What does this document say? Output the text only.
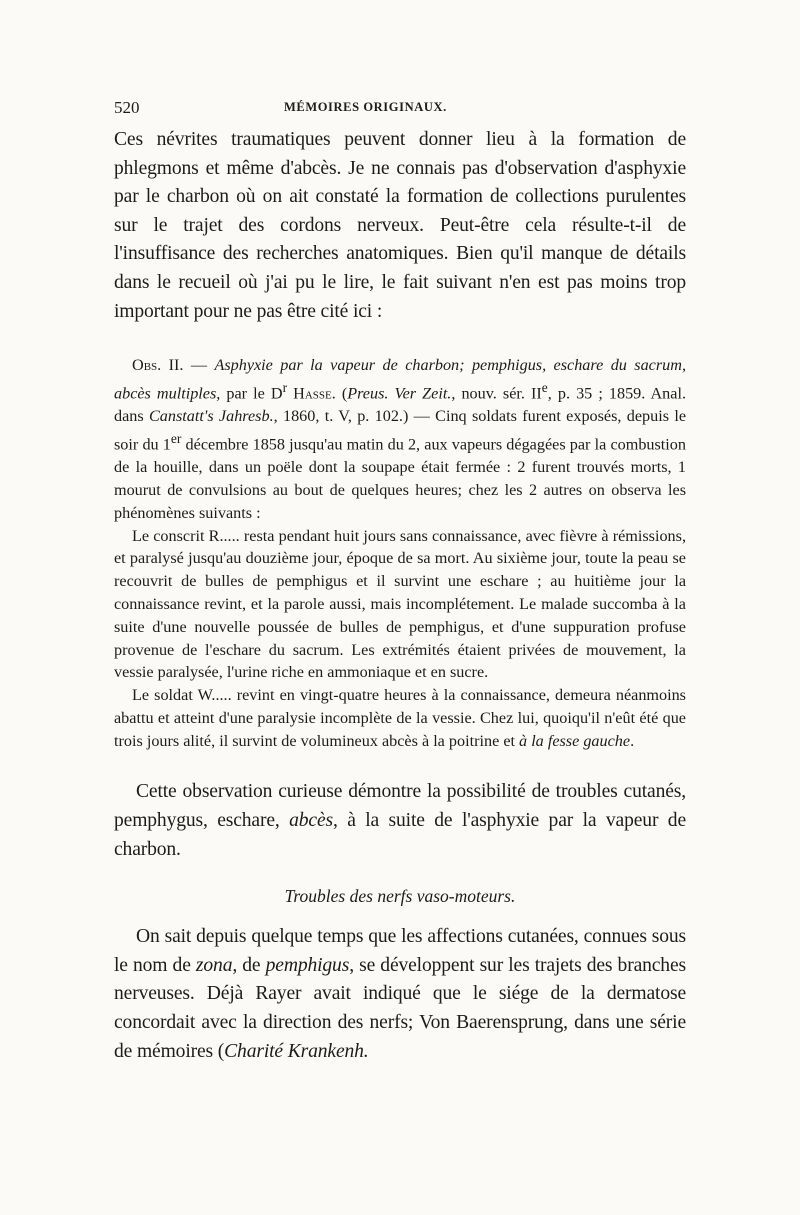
520	MÉMOIRES ORIGINAUX.

Ces névrites traumatiques peuvent donner lieu à la formation de phlegmons et même d'abcès. Je ne connais pas d'observation d'asphyxie par le charbon où on ait constaté la formation de collections purulentes sur le trajet des cordons nerveux. Peut-être cela résulte-t-il de l'insuffisance des recherches anatomiques. Bien qu'il manque de détails dans le recueil où j'ai pu le lire, le fait suivant n'en est pas moins trop important pour ne pas être cité ici :

Obs. II. — Asphyxie par la vapeur de charbon; pemphigus, eschare du sacrum, abcès multiples, par le $D^r$ Hasse. (Preus. Ver Zeit., nouv. sér. IIe, p. 35 ; 1859. Anal. dans Canstatt's Jahresb., 1860, t. V, p. 102.) — Cinq soldats furent exposés, depuis le soir du 1er décembre 1858 jusqu'au matin du 2, aux vapeurs dégagées par la combustion de la houille, dans un poële dont la soupape était fermée : 2 furent trouvés morts, 1 mourut de convulsions au bout de quelques heures; chez les 2 autres on observa les phénomènes suivants :

Le conscrit R..... resta pendant huit jours sans connaissance, avec fièvre à rémissions, et paralysé jusqu'au douzième jour, époque de sa mort. Au sixième jour, toute la peau se recouvrit de bulles de pemphigus et il survint une eschare ; au huitième jour la connaissance revint, et la parole aussi, mais incomplétement. Le malade succomba à la suite d'une nouvelle poussée de bulles de pemphigus, et d'une suppuration profuse provenue de l'eschare du sacrum. Les extrémités étaient privées de mouvement, la vessie paralysée, l'urine riche en ammoniaque et en sucre.

Le soldat W..... revint en vingt-quatre heures à la connaissance, demeura néanmoins abattu et atteint d'une paralysie incomplète de la vessie. Chez lui, quoiqu'il n'eût été que trois jours alité, il survint de volumineux abcès à la poitrine et à la fesse gauche.

Cette observation curieuse démontre la possibilité de troubles cutanés, pemphygus, eschare, abcès, à la suite de l'asphyxie par la vapeur de charbon.

Troubles des nerfs vaso-moteurs.

On sait depuis quelque temps que les affections cutanées, connues sous le nom de zona, de pemphigus, se développent sur les trajets des branches nerveuses. Déjà Rayer avait indiqué que le siége de la dermatose concordait avec la direction des nerfs; Von Baerensprung, dans une série de mémoires (Charité Krankenh.
